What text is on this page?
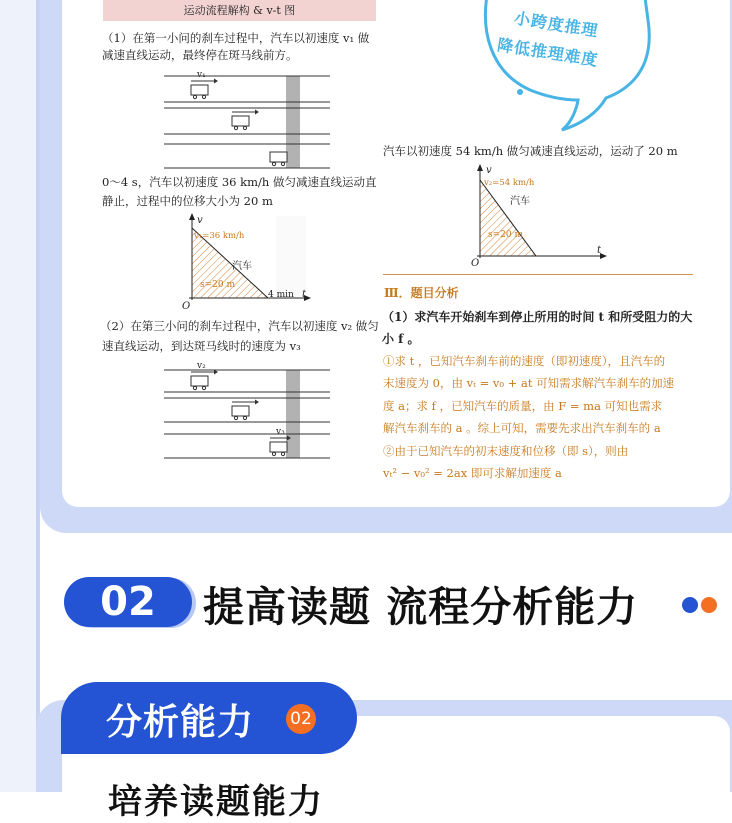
运动流程解构 & v-t 图

（1）在第一小问的刹车过程中，汽车以初速度 v₁ 做

减速直线运动，最终停在斑马线前方。

v₁

0～4 s，汽车以初速度 36 km/h 做匀减速直线运动直

静止，过程中的位移大小为 20 m

v
v₁=36 km/h
汽车
s=20 m
4 min t
O

（2）在第三小问的刹车过程中，汽车以初速度 v₂ 做匀

速直线运动，到达斑马线时的速度为 v₃

v₂
v₃
小跨度推理
降低推理难度

汽车以初速度 54 km/h 做匀减速直线运动，运动了 20 m

v
v₂=54 km/h
汽车
s=20 m
t
O
Ⅲ．题目分析
（1）求汽车开始刹车到停止所用的时间 t 和所受阻力的大小 f 。

①求 t ，已知汽车刹车前的速度（即初速度），且汽车的

末速度为 0，由 vₜ = v₀ + at 可知需求解汽车刹车的加速

度 a；求 f ，已知汽车的质量，由 F = ma 可知也需求

解汽车刹车的 a 。综上可知，需要先求出汽车刹车的 a

②由于已知汽车的初末速度和位移（即 s），则由

vₜ² − v₀² = 2ax 即可求解加速度 a

02	提高读题 流程分析能力
分析能力 02
培养读题能力
